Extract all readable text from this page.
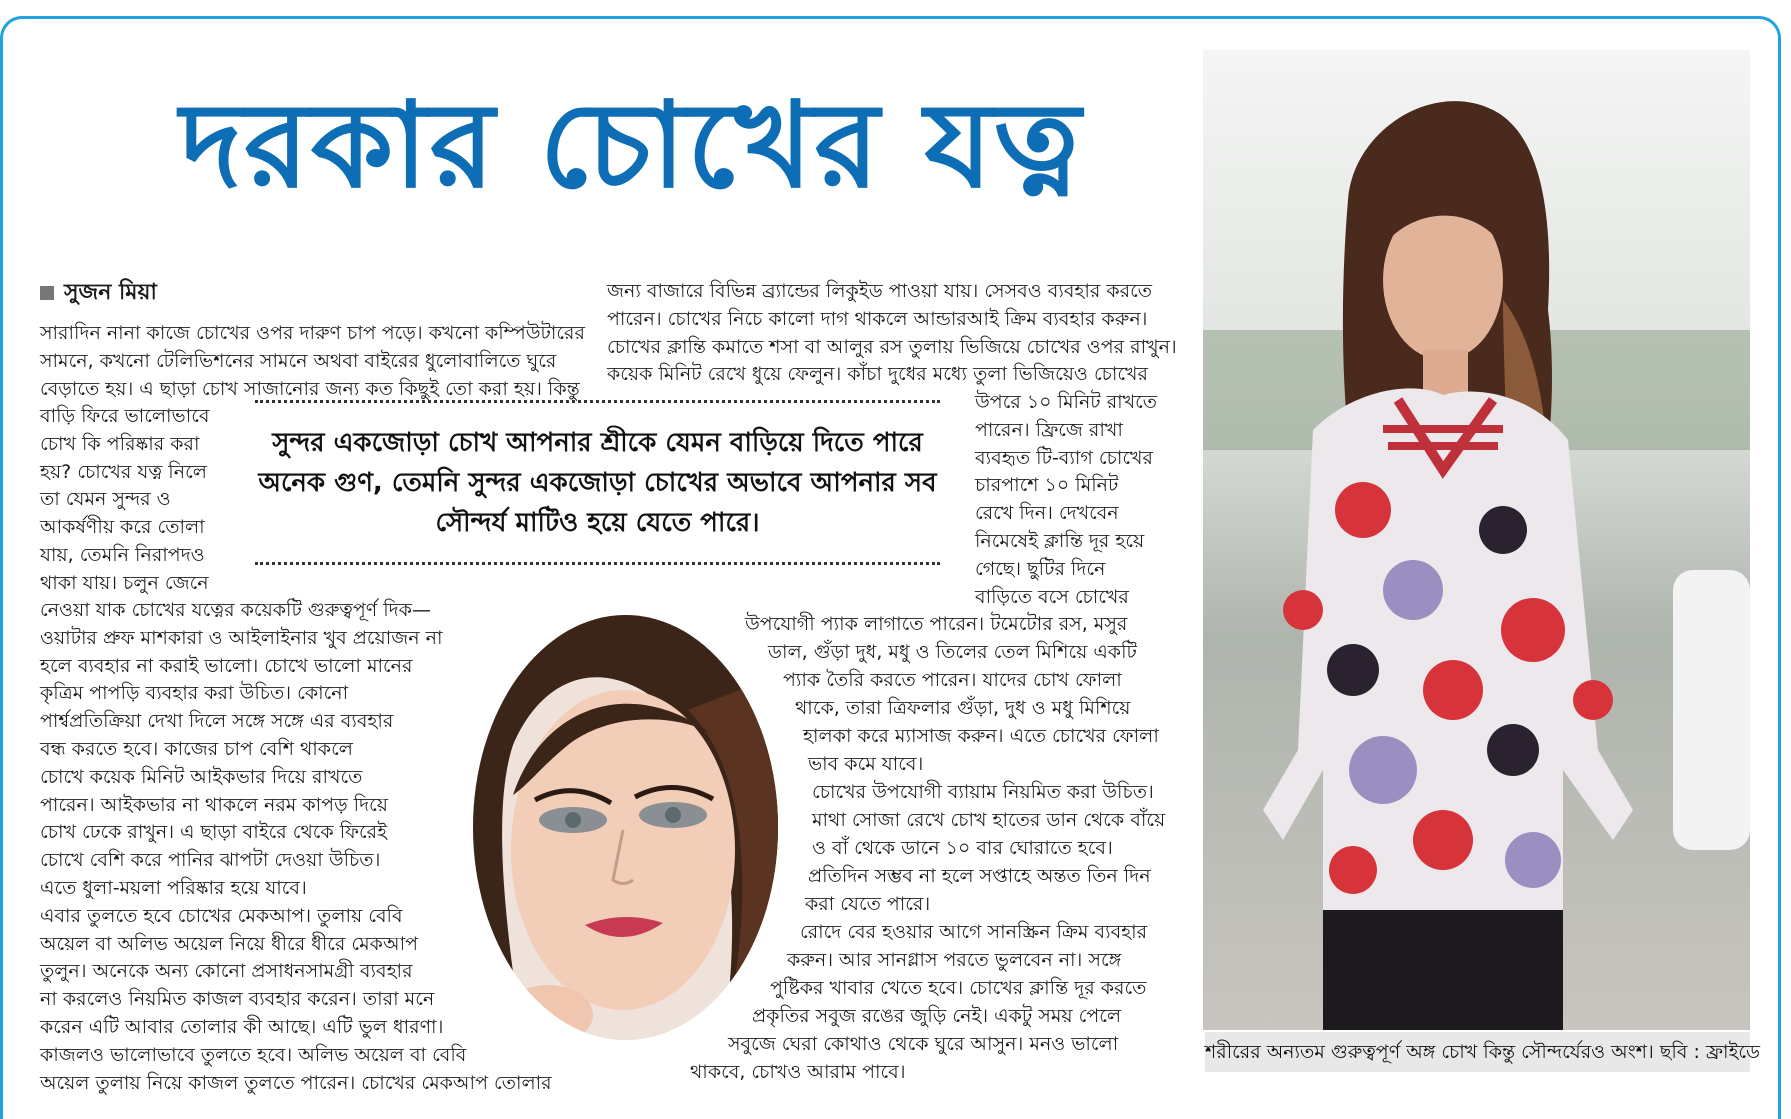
দরকার চোখের যত্ন
সুজন মিয়া

সারাদিন নানা কাজে চোখের ওপর দারুণ চাপ পড়ে। কখনো কম্পিউটারের

সামনে, কখনো টেলিভিশনের সামনে অথবা বাইরের ধুলোবালিতে ঘুরে

বেড়াতে হয়। এ ছাড়া চোখ সাজানোর জন্য কত কিছুই তো করা হয়। কিন্তু

বাড়ি ফিরে ভালোভাবে

চোখ কি পরিষ্কার করা

হয়? চোখের যত্ন নিলে

তা যেমন সুন্দর ও

আকর্ষণীয় করে তোলা

যায়, তেমনি নিরাপদও

থাকা যায়। চলুন জেনে

নেওয়া যাক চোখের যত্নের কয়েকটি গুরুত্বপূর্ণ দিক—

ওয়াটার প্রুফ মাশকারা ও আইলাইনার খুব প্রয়োজন না

হলে ব্যবহার না করাই ভালো। চোখে ভালো মানের

কৃত্রিম পাপড়ি ব্যবহার করা উচিত। কোনো

পার্শ্বপ্রতিক্রিয়া দেখা দিলে সঙ্গে সঙ্গে এর ব্যবহার

বন্ধ করতে হবে। কাজের চাপ বেশি থাকলে

চোখে কয়েক মিনিট আইকভার দিয়ে রাখতে

পারেন। আইকভার না থাকলে নরম কাপড় দিয়ে

চোখ ঢেকে রাখুন। এ ছাড়া বাইরে থেকে ফিরেই

চোখে বেশি করে পানির ঝাপটা দেওয়া উচিত।

এতে ধুলা-ময়লা পরিষ্কার হয়ে যাবে।

এবার তুলতে হবে চোখের মেকআপ। তুলায় বেবি

অয়েল বা অলিভ অয়েল নিয়ে ধীরে ধীরে মেকআপ

তুলুন। অনেকে অন্য কোনো প্রসাধনসামগ্রী ব্যবহার

না করলেও নিয়মিত কাজল ব্যবহার করেন। তারা মনে

করেন এটি আবার তোলার কী আছে। এটি ভুল ধারণা।

কাজলও ভালোভাবে তুলতে হবে। অলিভ অয়েল বা বেবি

অয়েল তুলায় নিয়ে কাজল তুলতে পারেন। চোখের মেকআপ তোলার

জন্য বাজারে বিভিন্ন ব্র্যান্ডের লিকুইড পাওয়া যায়। সেসবও ব্যবহার করতে

পারেন। চোখের নিচে কালো দাগ থাকলে আন্ডারআই ক্রিম ব্যবহার করুন।

চোখের ক্লান্তি কমাতে শসা বা আলুর রস তুলায় ভিজিয়ে চোখের ওপর রাখুন।

কয়েক মিনিট রেখে ধুয়ে ফেলুন। কাঁচা দুধের মধ্যে তুলা ভিজিয়েও চোখের

উপরে ১০ মিনিট রাখতে

পারেন। ফ্রিজে রাখা

ব্যবহৃত টি-ব্যাগ চোখের

চারপাশে ১০ মিনিট

রেখে দিন। দেখবেন

নিমেষেই ক্লান্তি দূর হয়ে

গেছে। ছুটির দিনে

বাড়িতে বসে চোখের

উপযোগী প্যাক লাগাতে পারেন। টমেটোর রস, মসুর
ডাল, গুঁড়া দুধ, মধু ও তিলের তেল মিশিয়ে একটি
প্যাক তৈরি করতে পারেন। যাদের চোখ ফোলা
থাকে, তারা ত্রিফলার গুঁড়া, দুধ ও মধু মিশিয়ে
হালকা করে ম্যাসাজ করুন। এতে চোখের ফোলা
ভাব কমে যাবে।
চোখের উপযোগী ব্যায়াম নিয়মিত করা উচিত।
মাথা সোজা রেখে চোখ হাতের ডান থেকে বাঁয়ে
ও বাঁ থেকে ডানে ১০ বার ঘোরাতে হবে।
প্রতিদিন সম্ভব না হলে সপ্তাহে অন্তত তিন দিন
করা যেতে পারে।
রোদে বের হওয়ার আগে সানস্ক্রিন ক্রিম ব্যবহার
করুন। আর সানগ্লাস পরতে ভুলবেন না। সঙ্গে
পুষ্টিকর খাবার খেতে হবে। চোখের ক্লান্তি দূর করতে
প্রকৃতির সবুজ রঙের জুড়ি নেই। একটু সময় পেলে
সবুজে ঘেরা কোথাও থেকে ঘুরে আসুন। মনও ভালো
থাকবে, চোখও আরাম পাবে।
সুন্দর একজোড়া চোখ আপনার শ্রীকে যেমন বাড়িয়ে দিতে পারে
অনেক গুণ, তেমনি সুন্দর একজোড়া চোখের অভাবে আপনার সব
সৌন্দর্য মাটিও হয়ে যেতে পারে।
শরীরের অন্যতম গুরুত্বপূর্ণ অঙ্গ চোখ কিন্তু সৌন্দর্যেরও অংশ। ছবি : ফ্রাইডে
